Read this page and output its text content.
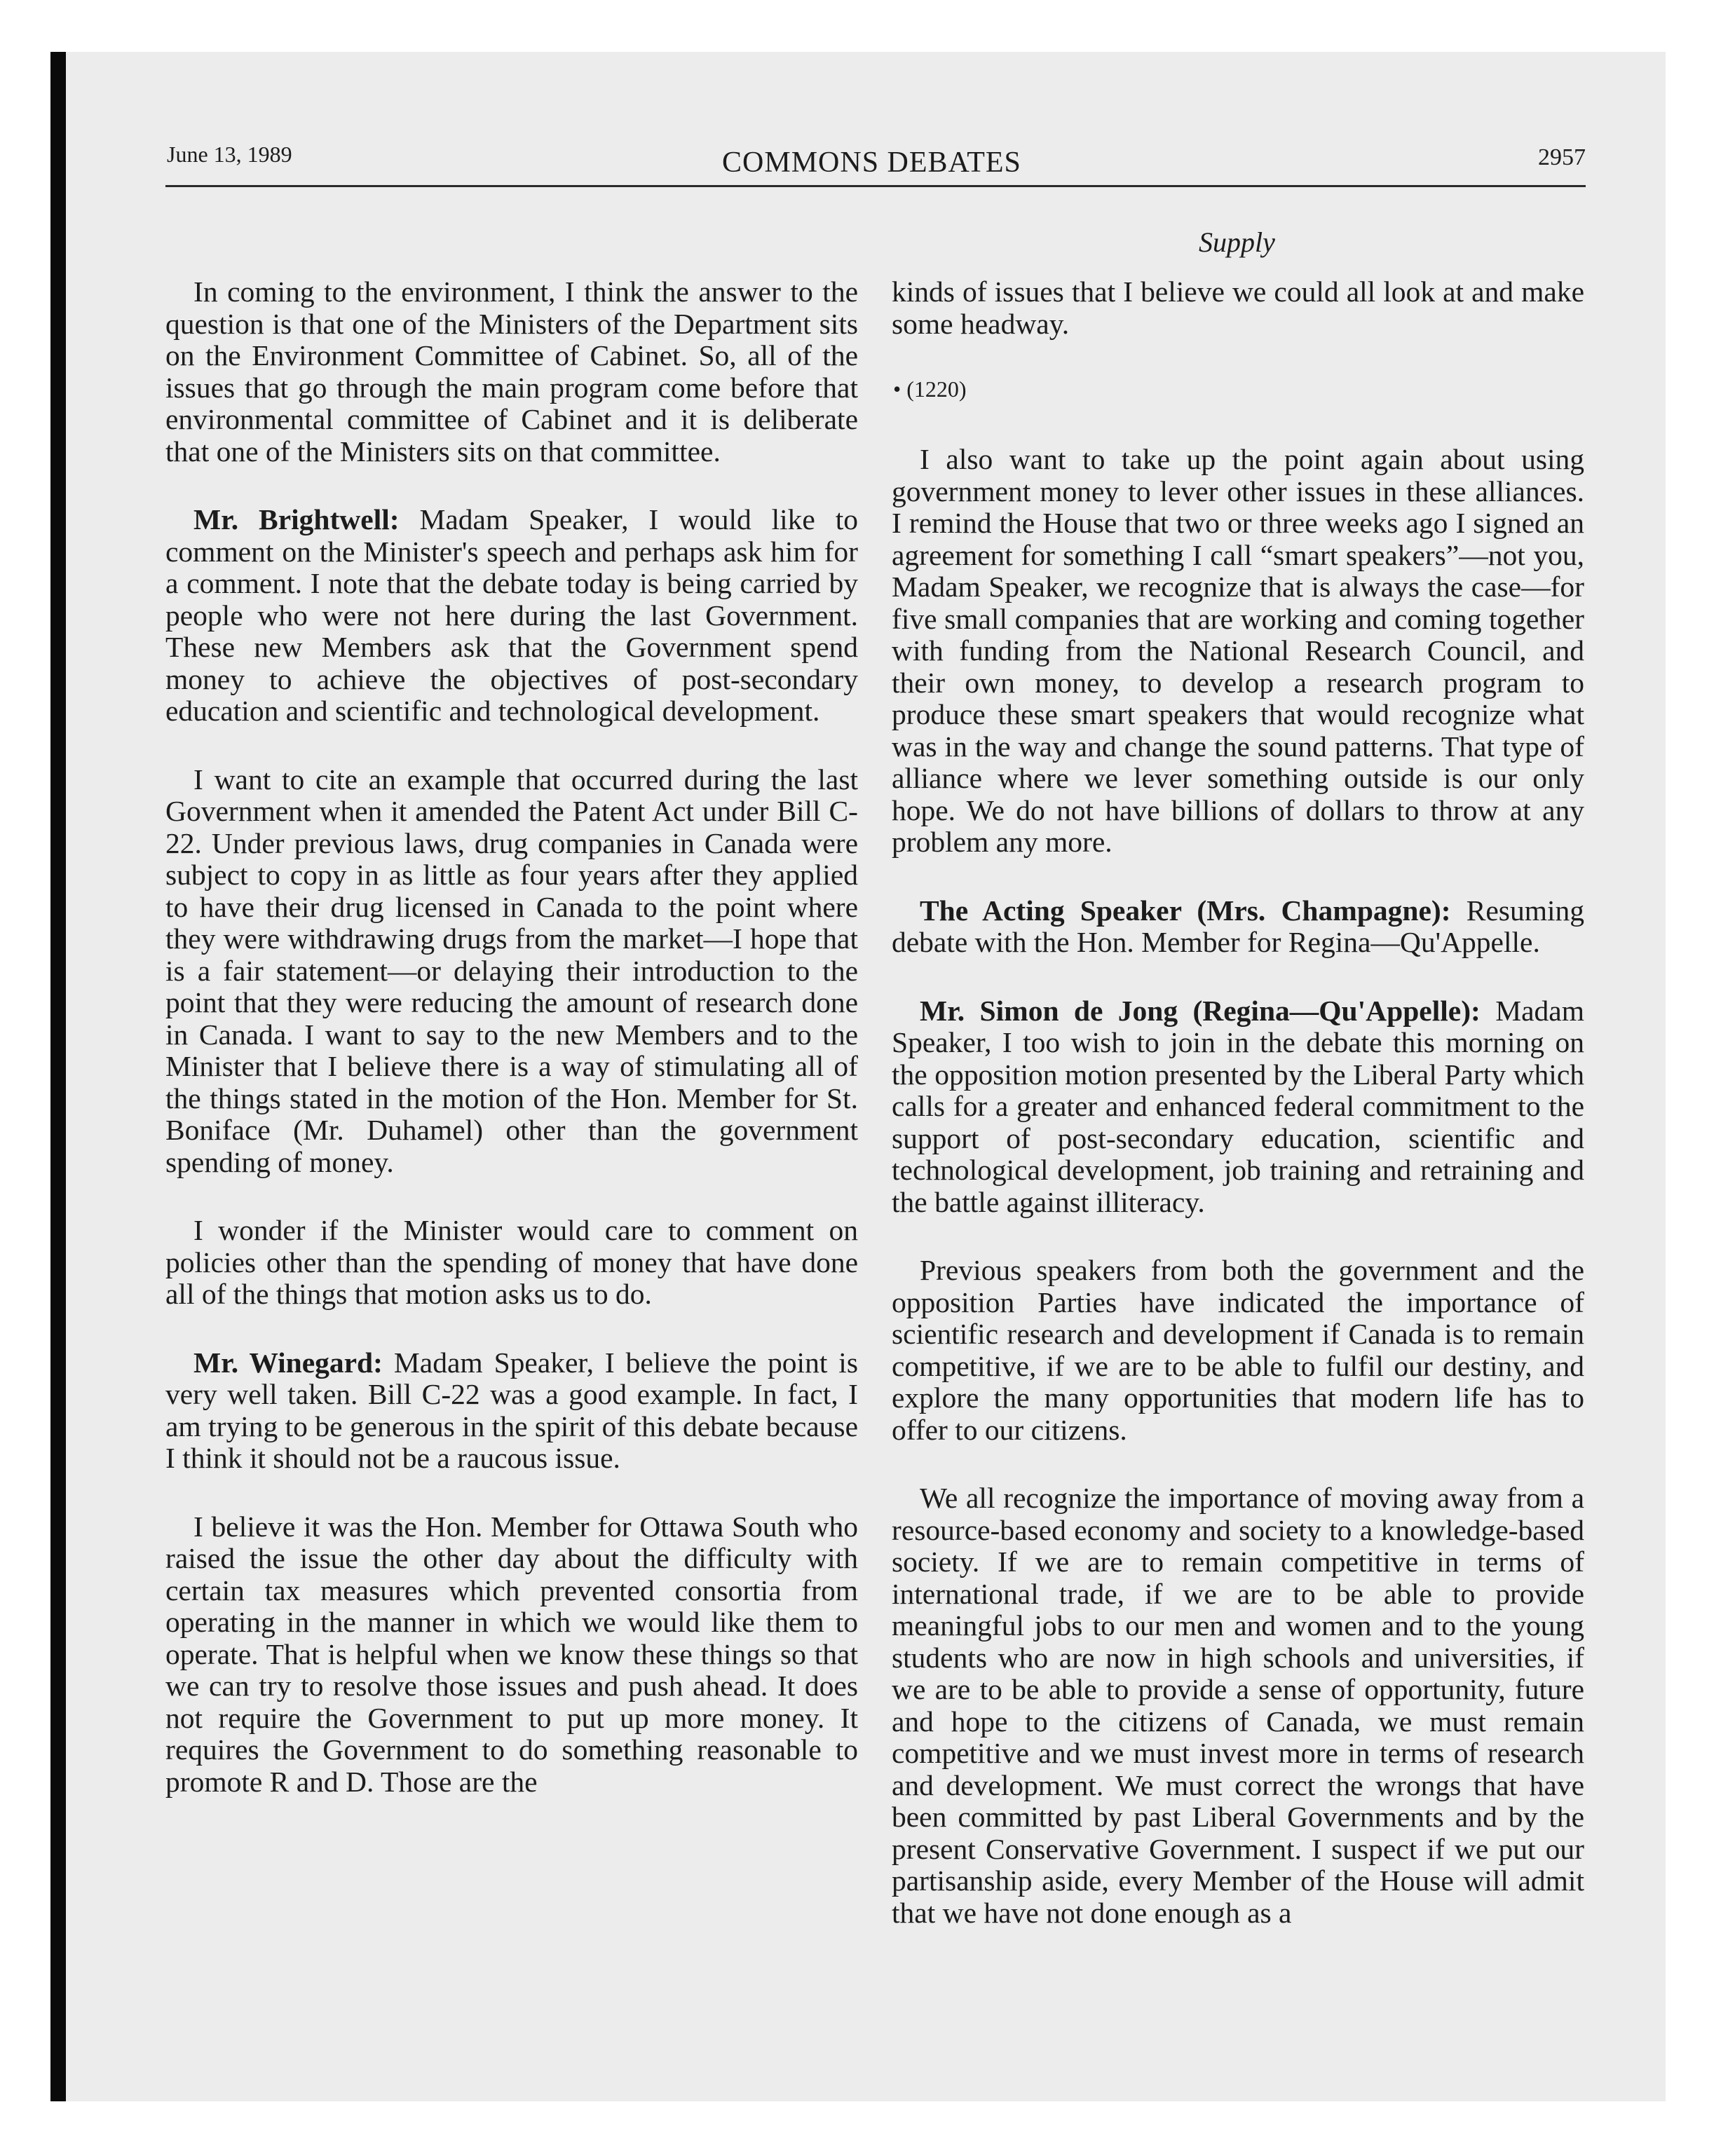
June 13, 1989	COMMONS DEBATES	2957
Supply

In coming to the environment, I think the answer to the question is that one of the Ministers of the Department sits on the Environment Committee of Cabinet. So, all of the issues that go through the main program come before that environmental committee of Cabinet and it is deliberate that one of the Ministers sits on that committee.

Mr. Brightwell: Madam Speaker, I would like to comment on the Minister's speech and perhaps ask him for a comment. I note that the debate today is being carried by people who were not here during the last Government. These new Members ask that the Government spend money to achieve the objectives of post-secondary education and scientific and technological development.

I want to cite an example that occurred during the last Government when it amended the Patent Act under Bill C-22. Under previous laws, drug companies in Canada were subject to copy in as little as four years after they applied to have their drug licensed in Canada to the point where they were withdrawing drugs from the market—I hope that is a fair statement—or delaying their introduction to the point that they were reducing the amount of research done in Canada. I want to say to the new Members and to the Minister that I believe there is a way of stimulating all of the things stated in the motion of the Hon. Member for St. Boniface (Mr. Duhamel) other than the government spending of money.

I wonder if the Minister would care to comment on policies other than the spending of money that have done all of the things that motion asks us to do.

Mr. Winegard: Madam Speaker, I believe the point is very well taken. Bill C-22 was a good example. In fact, I am trying to be generous in the spirit of this debate because I think it should not be a raucous issue.

I believe it was the Hon. Member for Ottawa South who raised the issue the other day about the difficulty with certain tax measures which prevented consortia from operating in the manner in which we would like them to operate. That is helpful when we know these things so that we can try to resolve those issues and push ahead. It does not require the Government to put up more money. It requires the Government to do something reasonable to promote R and D. Those are the

kinds of issues that I believe we could all look at and make some headway.

• (1220)

I also want to take up the point again about using government money to lever other issues in these alliances. I remind the House that two or three weeks ago I signed an agreement for something I call “smart speakers”—not you, Madam Speaker, we recognize that is always the case—for five small companies that are working and coming together with funding from the National Research Council, and their own money, to develop a research program to produce these smart speakers that would recognize what was in the way and change the sound patterns. That type of alliance where we lever something outside is our only hope. We do not have billions of dollars to throw at any problem any more.

The Acting Speaker (Mrs. Champagne): Resuming debate with the Hon. Member for Regina—Qu'Appelle.

Mr. Simon de Jong (Regina—Qu'Appelle): Madam Speaker, I too wish to join in the debate this morning on the opposition motion presented by the Liberal Party which calls for a greater and enhanced federal commitment to the support of post-secondary education, scientific and technological development, job training and retraining and the battle against illiteracy.

Previous speakers from both the government and the opposition Parties have indicated the importance of scientific research and development if Canada is to remain competitive, if we are to be able to fulfil our destiny, and explore the many opportunities that modern life has to offer to our citizens.

We all recognize the importance of moving away from a resource-based economy and society to a knowledge-based society. If we are to remain competitive in terms of international trade, if we are to be able to provide meaningful jobs to our men and women and to the young students who are now in high schools and universities, if we are to be able to provide a sense of opportunity, future and hope to the citizens of Canada, we must remain competitive and we must invest more in terms of research and development. We must correct the wrongs that have been committed by past Liberal Governments and by the present Conservative Government. I suspect if we put our partisanship aside, every Member of the House will admit that we have not done enough as a
